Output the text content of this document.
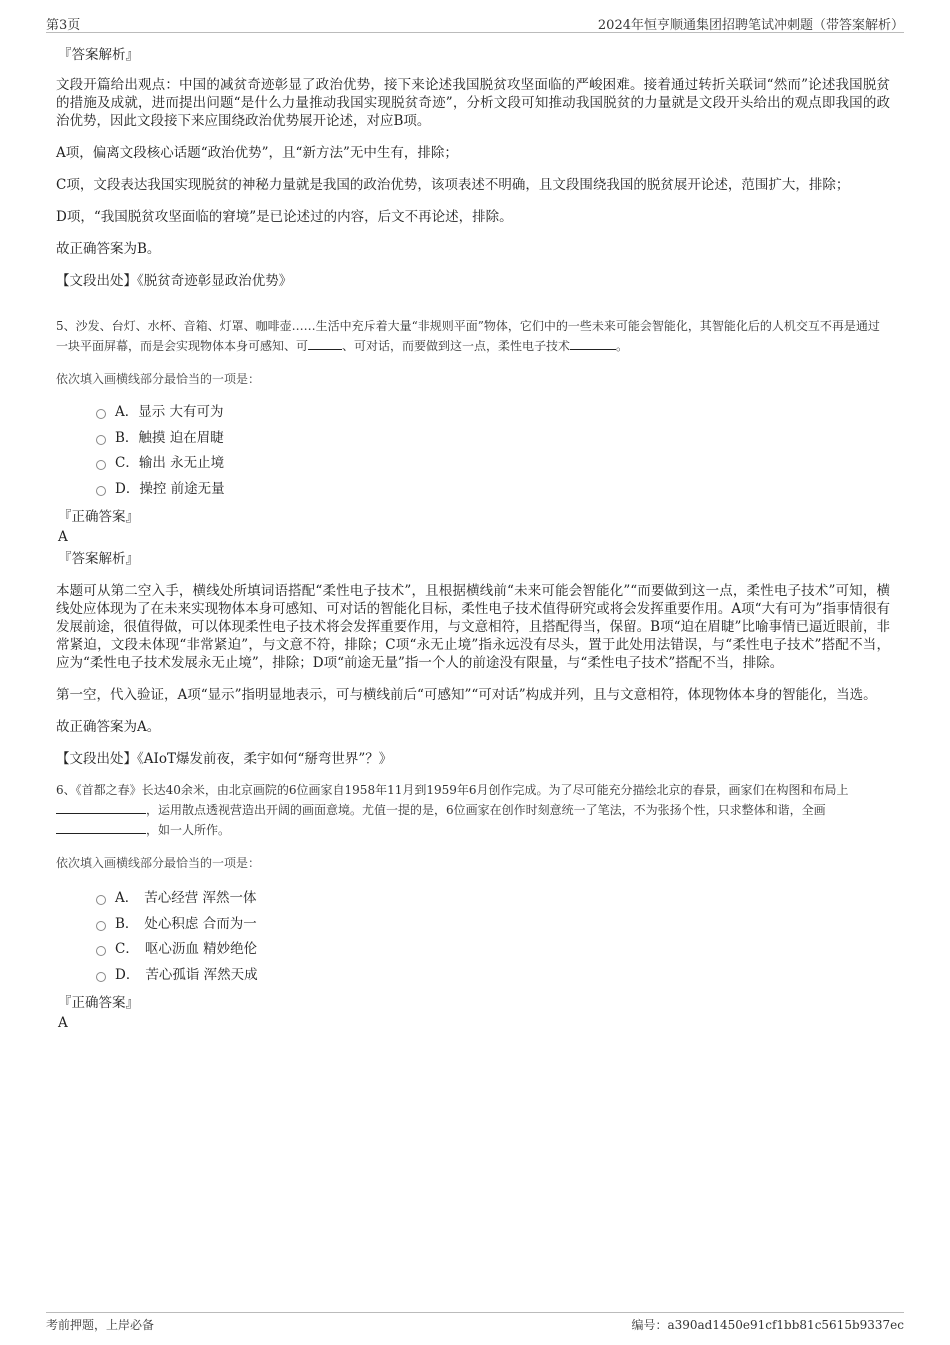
第3页	2024年恒亨顺通集团招聘笔试冲刺题（带答案解析）
『答案解析』

文段开篇给出观点：中国的减贫奇迹彰显了政治优势，接下来论述我国脱贫攻坚面临的严峻困难。接着通过转折关联词“然而”论述我国脱贫的措施及成就，进而提出问题“是什么力量推动我国实现脱贫奇迹”，分析文段可知推动我国脱贫的力量就是文段开头给出的观点即我国的政治优势，因此文段接下来应围绕政治优势展开论述，对应B项。

A项，偏离文段核心话题“政治优势”，且“新方法”无中生有，排除；

C项，文段表达我国实现脱贫的神秘力量就是我国的政治优势，该项表述不明确，且文段围绕我国的脱贫展开论述，范围扩大，排除；

D项，“我国脱贫攻坚面临的窘境”是已论述过的内容，后文不再论述，排除。

故正确答案为B。

【文段出处】《脱贫奇迹彰显政治优势》

5、沙发、台灯、水杯、音箱、灯罩、咖啡壶……生活中充斥着大量“非规则平面”物体，它们中的一些未来可能会智能化，其智能化后的人机交互不再是通过一块平面屏幕，而是会实现物体本身可感知、可	、可对话，而要做到这一点，柔性电子技术	。

依次填入画横线部分最恰当的一项是：

A． 显示 大有可为
B． 触摸 迫在眉睫
C． 输出 永无止境
D． 操控 前途无量
『正确答案』
A
『答案解析』

本题可从第二空入手，横线处所填词语搭配“柔性电子技术”，且根据横线前“未来可能会智能化”“而要做到这一点，柔性电子技术”可知，横线处应体现为了在未来实现物体本身可感知、可对话的智能化目标，柔性电子技术值得研究或将会发挥重要作用。A项“大有可为”指事情很有发展前途，很值得做，可以体现柔性电子技术将会发挥重要作用，与文意相符，且搭配得当，保留。B项“迫在眉睫”比喻事情已逼近眼前，非常紧迫，文段未体现“非常紧迫”，与文意不符，排除；C项“永无止境”指永远没有尽头，置于此处用法错误，与“柔性电子技术”搭配不当，应为“柔性电子技术发展永无止境”，排除；D项“前途无量”指一个人的前途没有限量，与“柔性电子技术”搭配不当，排除。

第一空，代入验证，A项“显示”指明显地表示，可与横线前后“可感知”“可对话”构成并列，且与文意相符，体现物体本身的智能化，当选。

故正确答案为A。

【文段出处】《AIoT爆发前夜，柔宇如何“掰弯世界”？》

6、《首都之春》长达40余米，由北京画院的6位画家自1958年11月到1959年6月创作完成。为了尽可能充分描绘北京的春景，画家们在构图和布局上，运用散点透视营造出开阔的画面意境。尤值一提的是，6位画家在创作时刻意统一了笔法，不为张扬个性，只求整体和谐，全画，如一人所作。

依次填入画横线部分最恰当的一项是：

A． 苦心经营 浑然一体
B． 处心积虑 合而为一
C． 呕心沥血 精妙绝伦
D． 苦心孤诣 浑然天成
『正确答案』
A
考前押题，上岸必备	编号：a390ad1450e91cf1bb81c5615b9337ec
